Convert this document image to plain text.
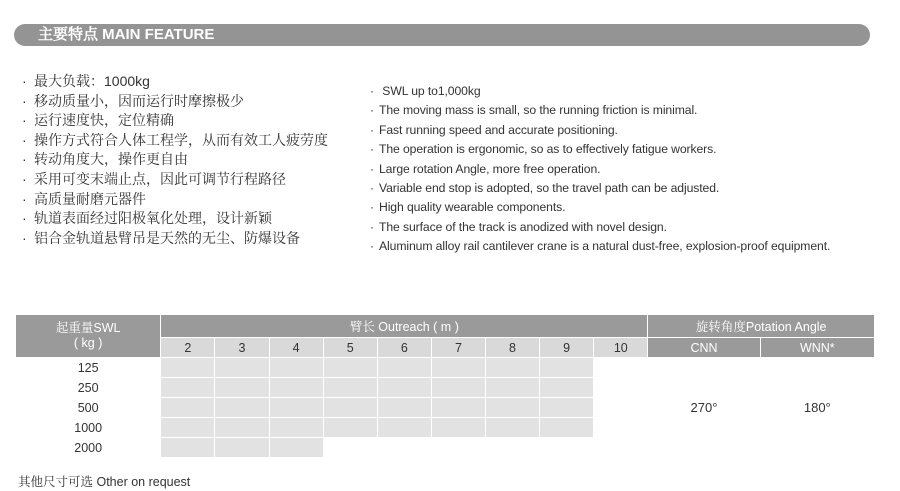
主要特点 MAIN FEATURE
· 最大负载：1000kg
· 移动质量小，因而运行时摩擦极少
· 运行速度快，定位精确
· 操作方式符合人体工程学，从而有效工人疲劳度
· 转动角度大，操作更自由
· 采用可变末端止点，因此可调节行程路径
· 高质量耐磨元器件
· 轨道表面经过阳极氧化处理，设计新颖
· 铝合金轨道悬臂吊是天然的无尘、防爆设备
· SWL up to1,000kg
· The moving mass is small, so the running friction is minimal.
· Fast running speed and accurate positioning.
· The operation is ergonomic, so as to effectively fatigue workers.
· Large rotation Angle, more free operation.
· Variable end stop is adopted, so the travel path can be adjusted.
· High quality wearable components.
· The surface of the track is anodized with novel design.
· Aluminum alloy rail cantilever crane is a natural dust-free, explosion-proof equipment.
起重量SWL
( kg )	臂长 Outreach ( m )									旋转角度Potation Angle	
	2	3	4	5	6	7	8	9	10	CNN	WNN*
125										270°	180°
250											
500											
1000											
2000											
其他尺寸可选 Other on request
